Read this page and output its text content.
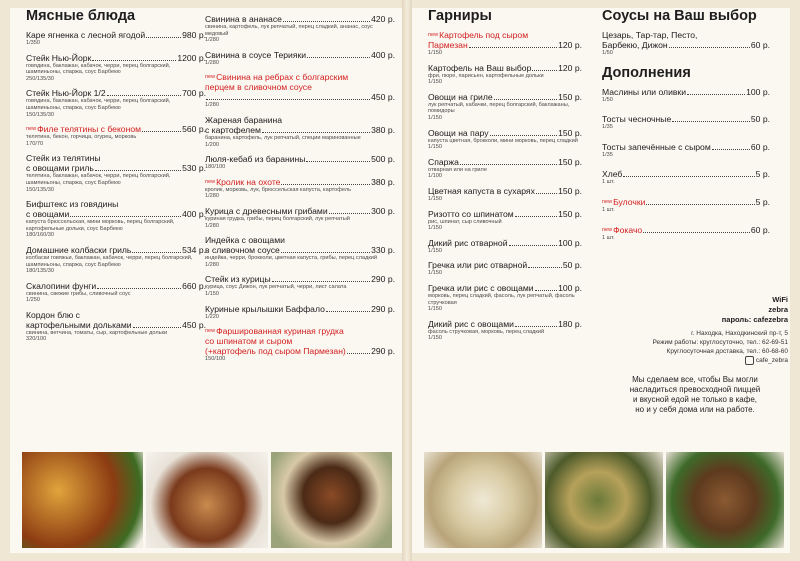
Мясные блюда
Каре ягненка с лесной ягодой	980 р.
1/350
Стейк Нью-Йорк	1200 р.
говядина, баклажан, кабачок, черри, перец болгарский, шампиньоны, спаржа, соус Барбекю
250/135/30
Стейк Нью-Йорк 1/2	700 р.
говядина, баклажан, кабачок, черри, перец болгарский, шампиньоны, спаржа, соус Барбекю
150/135/30
new Филе телятины с беконом	560 р.
телятина, бекон, горчица, огурец, морковь
170/70
Стейк из телятины
с овощами гриль	530 р.
телятина, баклажан, кабачок, черри, перец болгарский, шампиньоны, спаржа, соус Барбекю
150/135/30
Бифштекс из говядины
с овощами	400 р.
капуста брюссельская, мини морковь, перец болгарский, картофельные дольки, соус Барбекю
180/160/30
Домашние колбаски гриль	534 р.
колбаски говяжьи, баклажан, кабачок, черри, перец болгарский, шампиньоны, спаржа, соус Барбекю
180/135/30
Скалопини фунги	660 р.
свинина, свежие грибы, сливочный соус
1/250
Кордон блю с
картофельными дольками	450 р.
свинина, ветчина, томаты, сыр, картофельные дольки
320/100
Свинина в ананасе	420 р.
свинина, картофель, лук репчатый, перец сладкий, ананас, соус медовый
1/280
Свинина в соусе Терияки	400 р.
1/280
$^{new}$Свинина на ребрах с болгарским
перцем в сливочном соусе
450 р.
1/280
Жареная баранина
с картофелем	380 р.
баранина, картофель, лук репчатый, специи маринованные
1/200
Люля-кебаб из баранины	500 р.
180/100
new Кролик на охоте	380 р.
кролик, морковь, лук, брюссельская капуста, картофель
1/280
Курица с древесными грибами	300 р.
куриная грудка, грибы, перец болгарский, лук репчатый
1/280
Индейка с овощами
в сливочном соусе	330 р.
индейка, черри, брокколи, цветная капуста, грибы, перец сладкий
1/280
Стейк из курицы	290 р.
курица, соус Дижон, лук репчатый, черри, лист салата
1/150
Куриные крылышки Баффало	290 р.
1/220
$^{new}$Фаршированная куриная грудка
со шпинатом и сыром
(+картофель под сыром Пармезан)	290 р.
150/100
Гарниры
$^{new}$Картофель под сыром
Пармезан	120 р.
1/150
Картофель на Ваш выбор	120 р.
фри, пюре, парисьен, картофельные дольки
1/150
Овощи на гриле	150 р.
лук репчатый, кабачки, перец болгарский, баклажаны, помидоры
1/150
Овощи на пару	150 р.
капуста цветная, брокколи, мини морковь, перец сладкий
1/150
Спаржа	150 р.
отварная или на гриле
1/100
Цветная капуста в сухарях	150 р.
1/150
Ризотто со шпинатом	150 р.
рис, шпинат, сыр сливочный
1/150
Дикий рис отварной	100 р.
1/150
Гречка или рис отварной	50 р.
1/150
Гречка или рис с овощами	100 р.
морковь, перец сладкий, фасоль, лук репчатый, фасоль стручковая
1/150
Дикий рис с овощами	180 р.
фасоль стручковая, морковь, перец сладкий
1/150
Соусы на Ваш выбор
Цезарь, Тар-тар, Песто,
Барбекю, Дижон	60 р.
1/50
Дополнения
Маслины или оливки	100 р.
1/50
Тосты чесночные	50 р.
1/35
Тосты запечённые с сыром	60 р.
1/35
Хлеб	5 р.
1 шт.
new Булочки	5 р.
1 шт.
new Фокачо	60 р.
1 шт.
WiFi
zebra
пароль: cafezebra
г. Находка, Находкинский пр-т, 5
Режим работы: круглосуточно, тел.: 62-69-51
Круглосуточная доставка, тел.: 60-68-60
cafe_zebra
Мы сделаем все, чтобы Вы могли
насладиться превосходной пиццей
и вкусной едой не только в кафе,
но и у себя дома или на работе.
